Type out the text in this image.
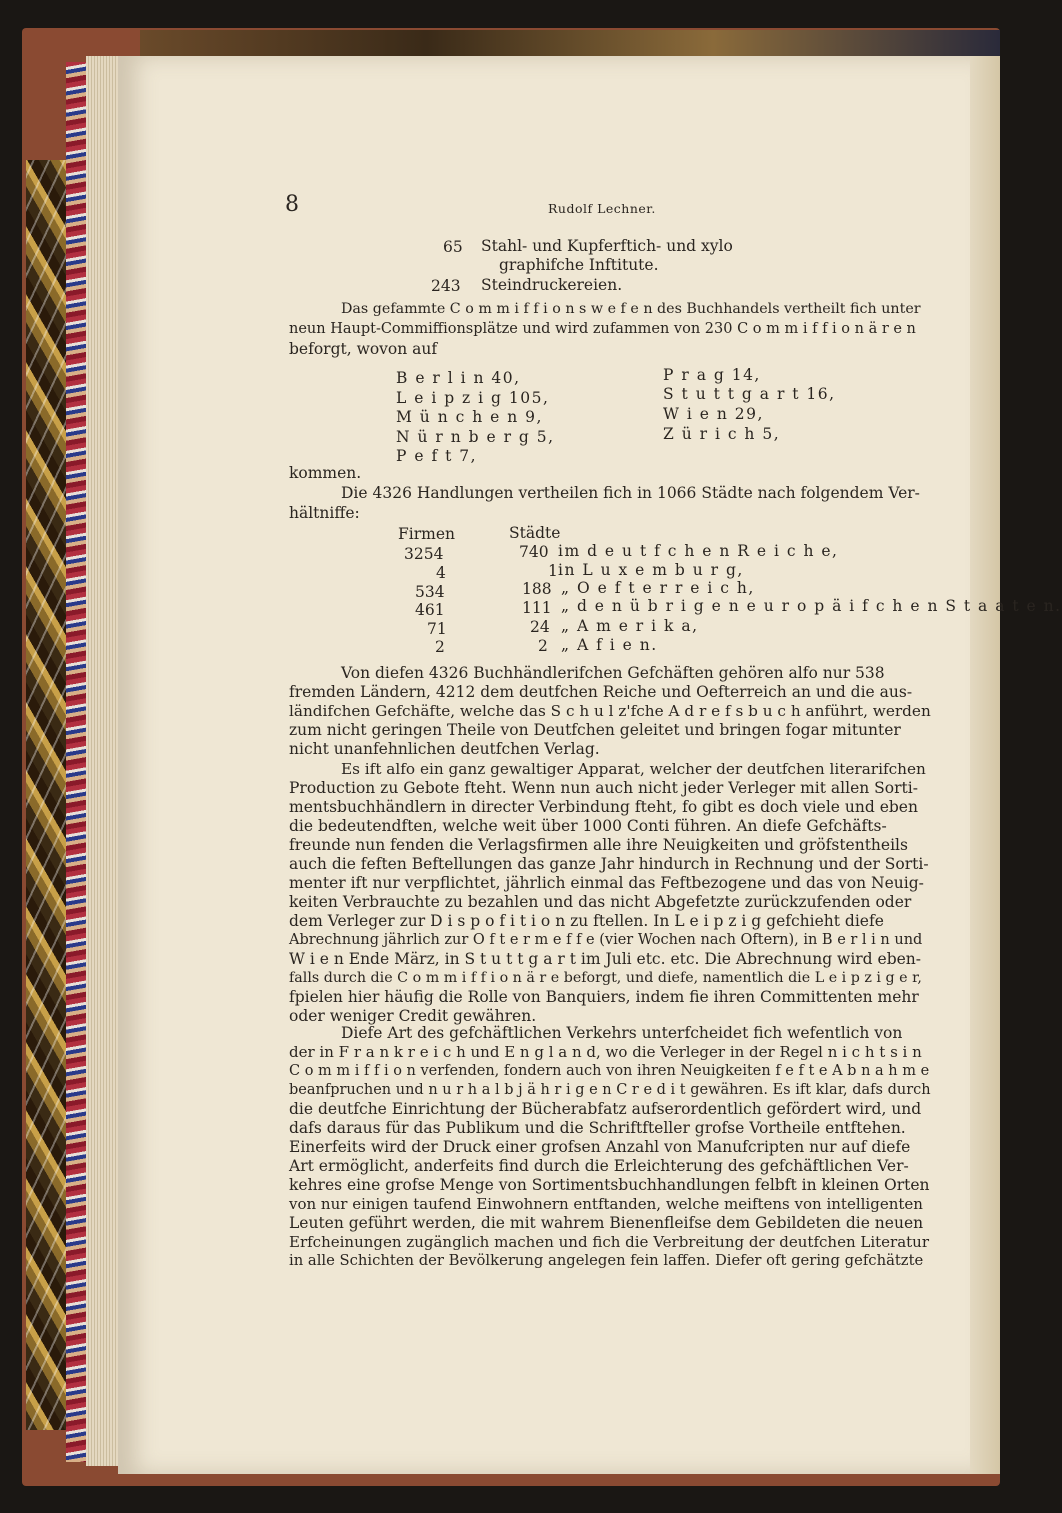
8	Rudolf Lechner.
65 Stahl- und Kupferftich- und xylo
graphifche Inftitute.
243 Steindruckereien.
Das gefammte C o m m i f f i o n s w e f e n des Buchhandels vertheilt fich unter
neun Haupt-Commiffionsplätze und wird zufammen von 230 C o m m i f f i o n ä r e n
beforgt, wovon auf
B e r l i n 40,
L e i p z i g 105,
M ü n c h e n 9,
N ü r n b e r g 5,
P e f t 7,
P r a g 14,
S t u t t g a r t 16,
W i e n 29,
Z ü r i c h 5,
kommen.
Die 4326 Handlungen vertheilen fich in 1066 Städte nach folgendem Ver-
hältniffe:
Firmen	Städte
3254	740 im d e u t f c h e n R e i c h e,
4	1 in L u x e m b u r g,
534	188 „ O e f t e r r e i c h,
461	111 „ d e n ü b r i g e n e u r o p ä i f c h e n S t a a t e n.
71	24 „ A m e r i k a,
2	2 „ A f i e n.
Von diefen 4326 Buchhändlerifchen Gefchäften gehören alfo nur 538
fremden Ländern, 4212 dem deutfchen Reiche und Oefterreich an und die aus-
ländifchen Gefchäfte, welche das S c h u l z'fche A d r e f s b u c h anführt, werden
zum nicht geringen Theile von Deutfchen geleitet und bringen fogar mitunter
nicht unanfehnlichen deutfchen Verlag.
Es ift alfo ein ganz gewaltiger Apparat, welcher der deutfchen literarifchen
Production zu Gebote fteht. Wenn nun auch nicht jeder Verleger mit allen Sorti-
mentsbuchhändlern in directer Verbindung fteht, fo gibt es doch viele und eben
die bedeutendften, welche weit über 1000 Conti führen. An diefe Gefchäfts-
freunde nun fenden die Verlagsfirmen alle ihre Neuigkeiten und gröfstentheils
auch die feften Beftellungen das ganze Jahr hindurch in Rechnung und der Sorti-
menter ift nur verpflichtet, jährlich einmal das Feftbezogene und das von Neuig-
keiten Verbrauchte zu bezahlen und das nicht Abgefetzte zurückzufenden oder
dem Verleger zur D i s p o f i t i o n zu ftellen. In L e i p z i g gefchieht diefe
Abrechnung jährlich zur O f t e r m e f f e (vier Wochen nach Oftern), in B e r l i n und
W i e n Ende März, in S t u t t g a r t im Juli etc. etc. Die Abrechnung wird eben-
falls durch die C o m m i f f i o n ä r e beforgt, und diefe, namentlich die L e i p z i g e r,
fpielen hier häufig die Rolle von Banquiers, indem fie ihren Committenten mehr
oder weniger Credit gewähren.
Diefe Art des gefchäftlichen Verkehrs unterfcheidet fich wefentlich von
der in F r a n k r e i c h und E n g l a n d, wo die Verleger in der Regel n i c h t s i n
C o m m i f f i o n verfenden, fondern auch von ihren Neuigkeiten f e f t e A b n a h m e
beanfpruchen und n u r h a l b j ä h r i g e n C r e d i t gewähren. Es ift klar, dafs durch
die deutfche Einrichtung der Bücherabfatz aufserordentlich gefördert wird, und
dafs daraus für das Publikum und die Schriftfteller grofse Vortheile entftehen.
Einerfeits wird der Druck einer grofsen Anzahl von Manufcripten nur auf diefe
Art ermöglicht, anderfeits find durch die Erleichterung des gefchäftlichen Ver-
kehres eine grofse Menge von Sortimentsbuchhandlungen felbft in kleinen Orten
von nur einigen taufend Einwohnern entftanden, welche meiftens von intelligenten
Leuten geführt werden, die mit wahrem Bienenfleifse dem Gebildeten die neuen
Erfcheinungen zugänglich machen und fich die Verbreitung der deutfchen Literatur
in alle Schichten der Bevölkerung angelegen fein laffen. Diefer oft gering gefchätzte
